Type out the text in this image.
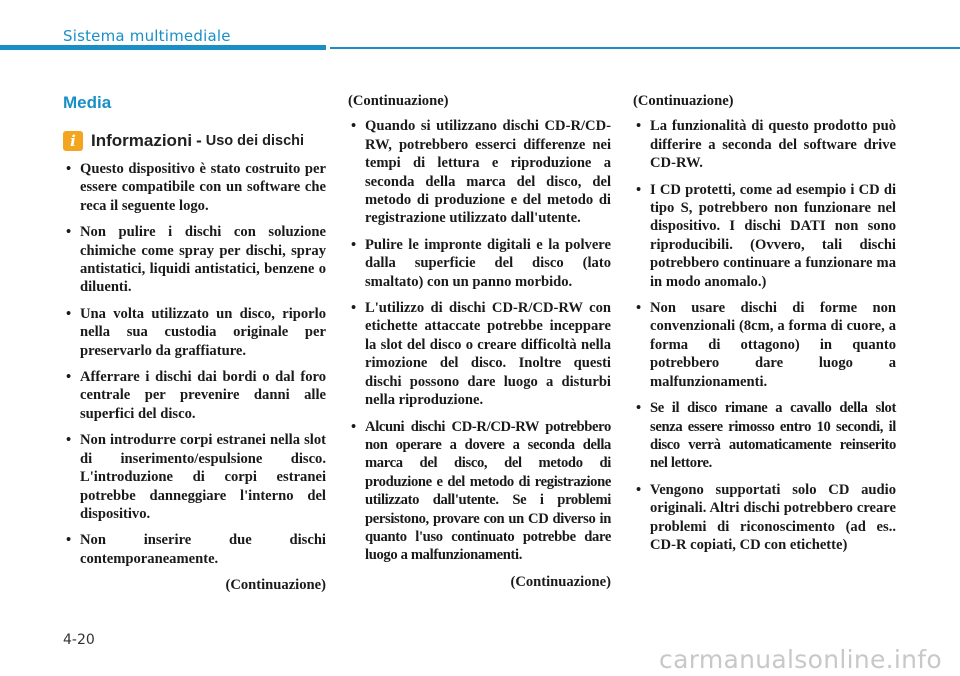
Sistema multimediale
Media
i Informazioni - Uso dei dischi
• Questo dispositivo è stato costruito per essere compatibile con un software che reca il seguente logo.
• Non pulire i dischi con soluzione chimiche come spray per dischi, spray antistatici, liquidi antistatici, benzene o diluenti.
• Una volta utilizzato un disco, riporlo nella sua custodia originale per preservarlo da graffiature.
• Afferrare i dischi dai bordi o dal foro centrale per prevenire danni alle superfici del disco.
• Non introdurre corpi estranei nella slot di inserimento/espulsione disco. L'introduzione di corpi estranei potrebbe danneggiare l'interno del dispositivo.
• Non inserire due dischi contemporaneamente.
(Continuazione)
(Continuazione)
• Quando si utilizzano dischi CD-R/CD-RW, potrebbero esserci differenze nei tempi di lettura e riproduzione a seconda della marca del disco, del metodo di produzione e del metodo di registrazione utilizzato dall'utente.
• Pulire le impronte digitali e la polvere dalla superficie del disco (lato smaltato) con un panno morbido.
• L'utilizzo di dischi CD-R/CD-RW con etichette attaccate potrebbe inceppare la slot del disco o creare difficoltà nella rimozione del disco. Inoltre questi dischi possono dare luogo a disturbi nella riproduzione.
• Alcuni dischi CD-R/CD-RW potrebbero non operare a dovere a seconda della marca del disco, del metodo di produzione e del metodo di registrazione utilizzato dall'utente. Se i problemi persistono, provare con un CD diverso in quanto l'uso continuato potrebbe dare luogo a malfunzionamenti.
(Continuazione)
(Continuazione)
• La funzionalità di questo prodotto può differire a seconda del software drive CD-RW.
• I CD protetti, come ad esempio i CD di tipo S, potrebbero non funzionare nel dispositivo. I dischi DATI non sono riproducibili. (Ovvero, tali dischi potrebbero continuare a funzionare ma in modo anomalo.)
• Non usare dischi di forme non convenzionali (8cm, a forma di cuore, a forma di ottagono) in quanto potrebbero dare luogo a malfunzionamenti.
• Se il disco rimane a cavallo della slot senza essere rimosso entro 10 secondi, il disco verrà automaticamente reinserito nel lettore.
• Vengono supportati solo CD audio originali. Altri dischi potrebbero creare problemi di riconoscimento (ad es.. CD-R copiati, CD con etichette)
4-20
carmanualsonline.info
